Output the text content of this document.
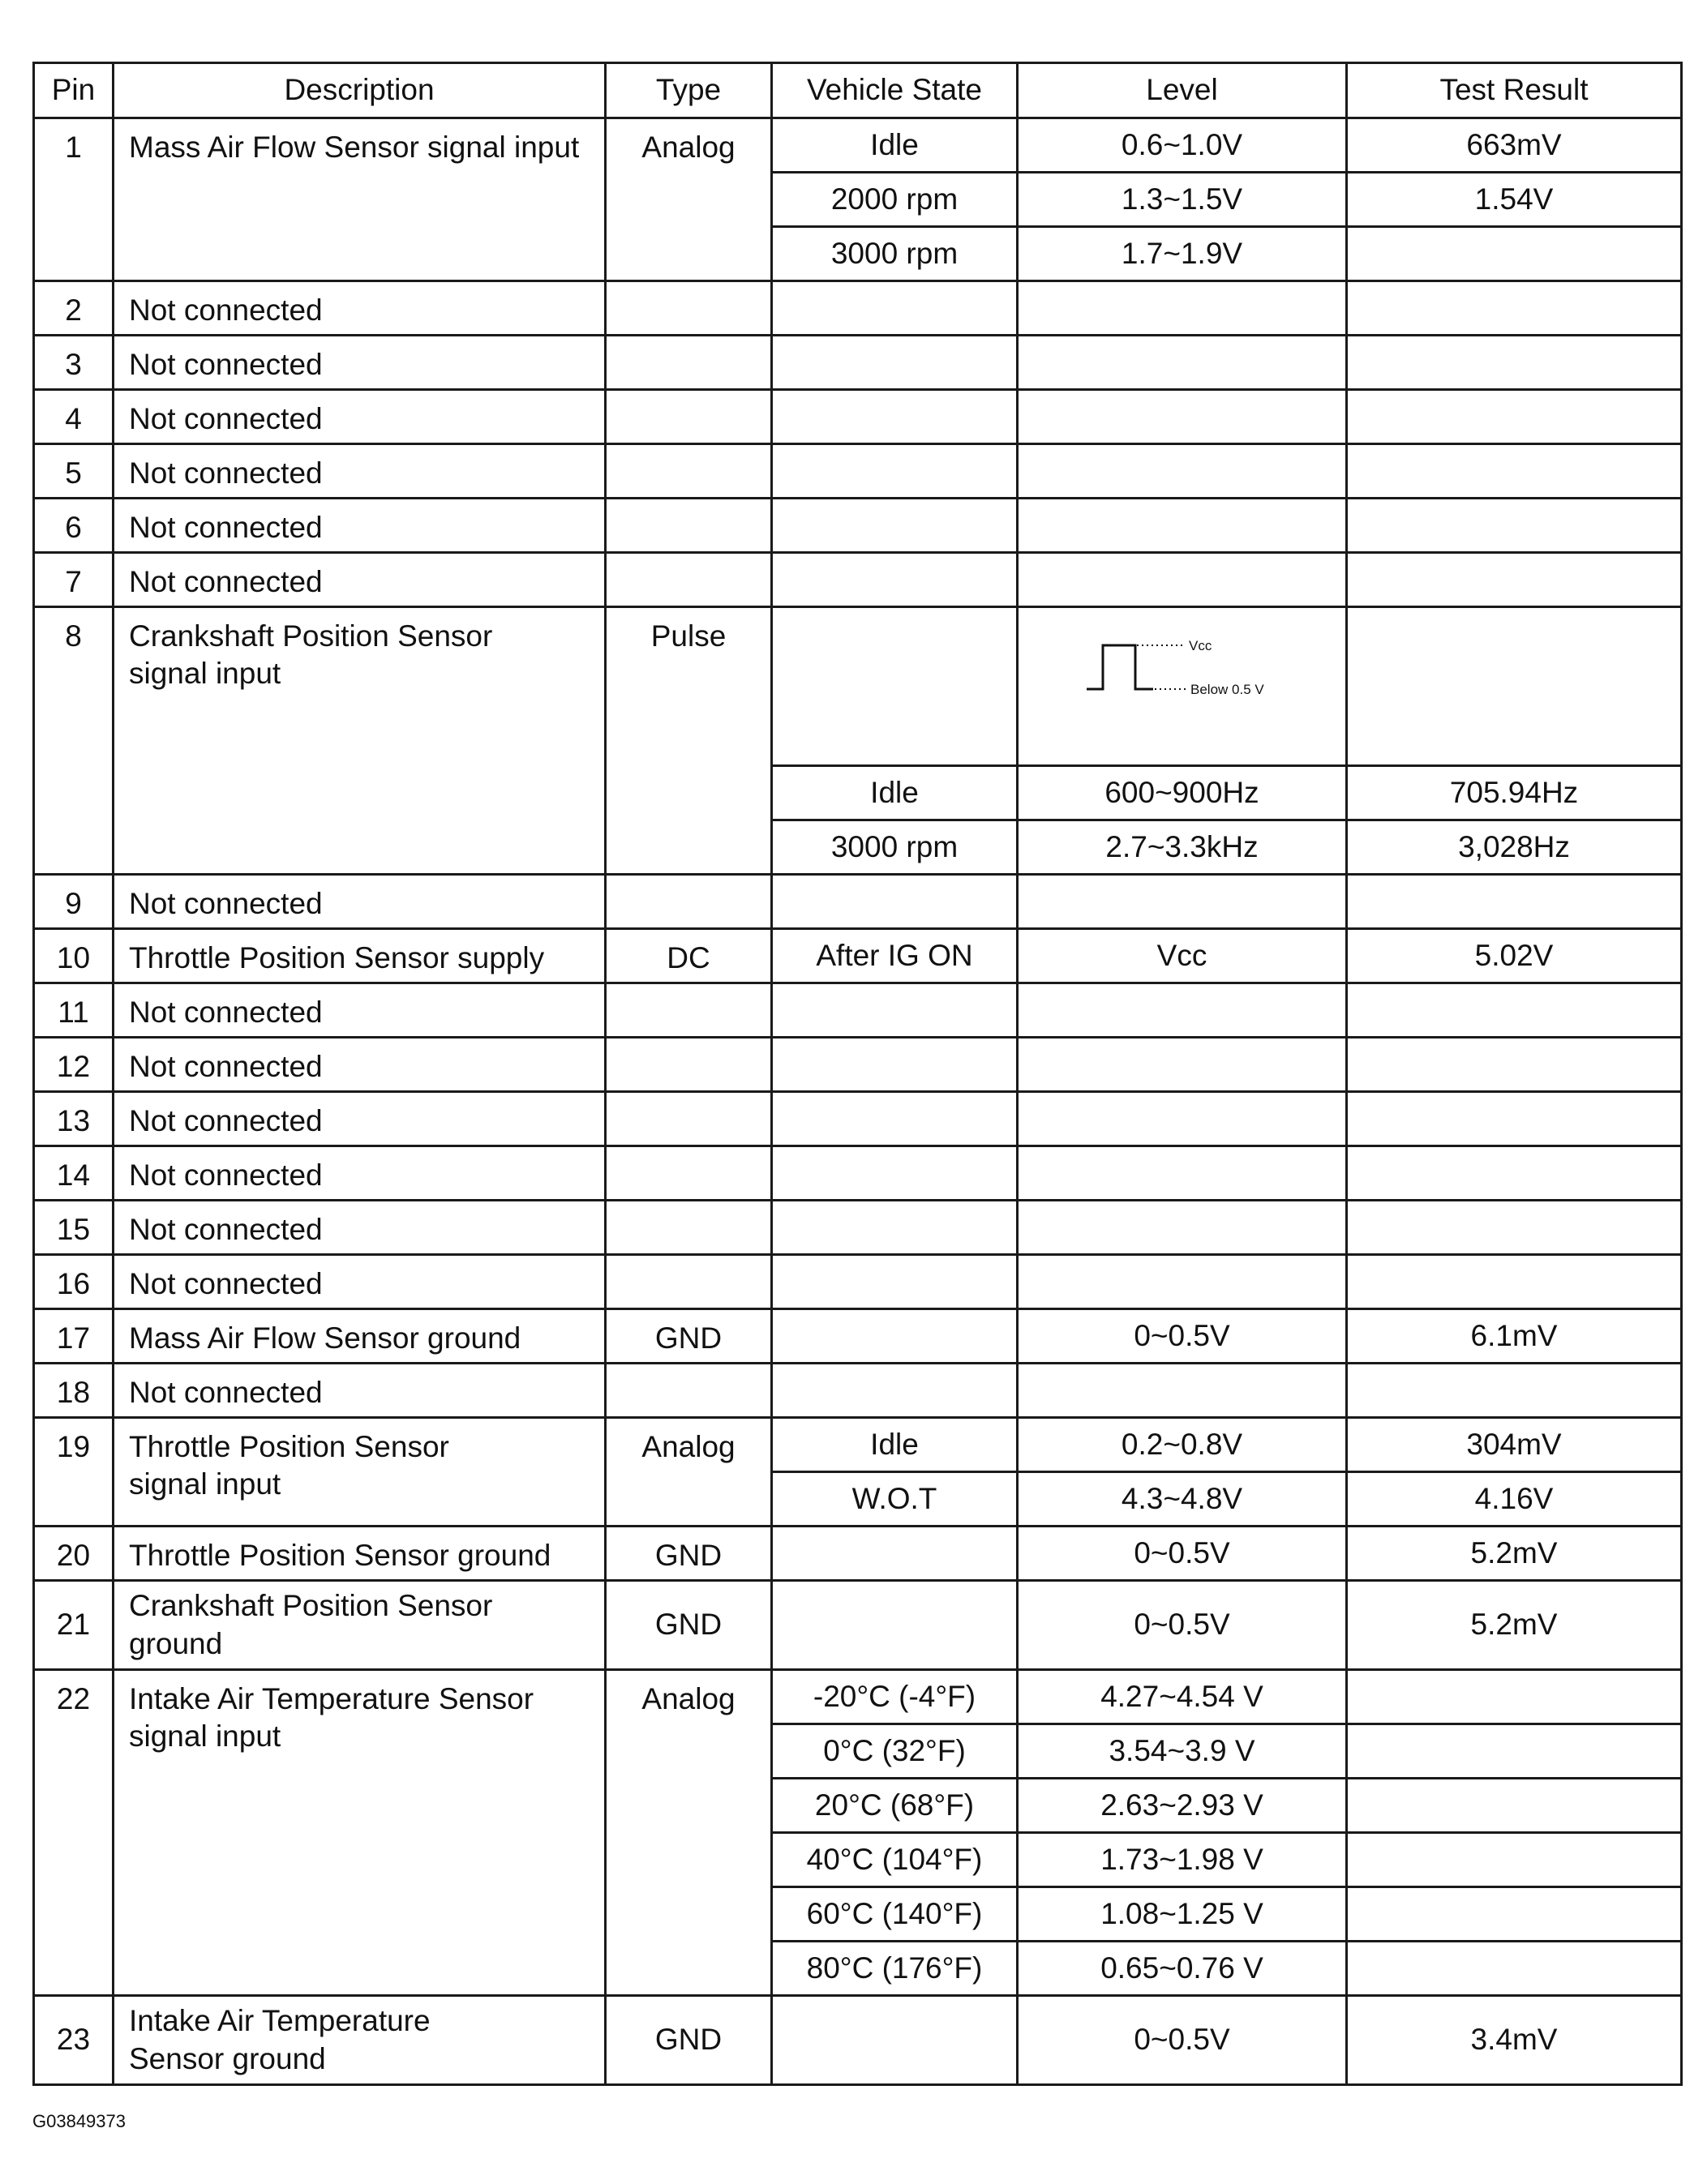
Pin	Description	Type	Vehicle State	Level	Test Result
1	Mass Air Flow Sensor signal input	Analog	Idle	0.6~1.0V	663mV
			2000 rpm	1.3~1.5V	1.54V
			3000 rpm	1.7~1.9V	
2	Not connected				
3	Not connected				
4	Not connected				
5	Not connected				
6	Not connected				
7	Not connected				
8	Crankshaft Position Sensor
signal input	Pulse		Vcc
Below 0.5 V	

			Idle	600~900Hz	705.94Hz
			3000 rpm	2.7~3.3kHz	3,028Hz
9	Not connected				
10	Throttle Position Sensor supply	DC	After IG ON	Vcc	5.02V
11	Not connected				
12	Not connected				
13	Not connected				
14	Not connected				
15	Not connected				
16	Not connected				
17	Mass Air Flow Sensor ground	GND		0~0.5V	6.1mV
18	Not connected				
19	Throttle Position Sensor
signal input	Analog	Idle	0.2~0.8V	304mV
			W.O.T	4.3~4.8V	4.16V
20	Throttle Position Sensor ground	GND		0~0.5V	5.2mV
21	Crankshaft Position Sensor
ground	GND		0~0.5V	5.2mV
22	Intake Air Temperature Sensor
signal input	Analog	-20°C (-4°F)	4.27~4.54 V	
			0°C (32°F)	3.54~3.9 V	
			20°C (68°F)	2.63~2.93 V	
			40°C (104°F)	1.73~1.98 V	
			60°C (140°F)	1.08~1.25 V	
			80°C (176°F)	0.65~0.76 V	
23	Intake Air Temperature
Sensor ground	GND		0~0.5V	3.4mV
G03849373
